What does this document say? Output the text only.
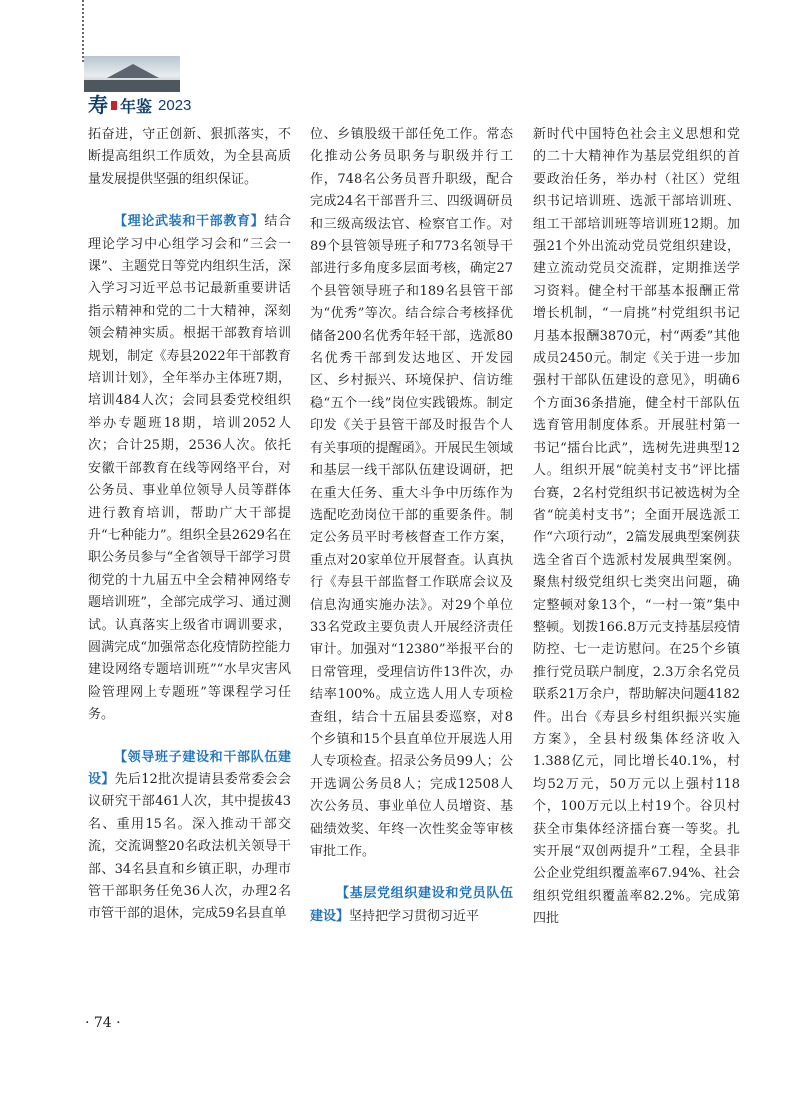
寿 年鉴 2023

拓奋进，守正创新、狠抓落实，不断提高组织工作质效，为全县高质量发展提供坚强的组织保证。

【理论武装和干部教育】结合理论学习中心组学习会和“三会一课”、主题党日等党内组织生活，深入学习习近平总书记最新重要讲话指示精神和党的二十大精神，深刻领会精神实质。根据干部教育培训规划，制定《寿县2022年干部教育培训计划》，全年举办主体班7期，培训484人次；会同县委党校组织举办专题班18期，培训2052人次；合计25期，2536人次。依托安徽干部教育在线等网络平台，对公务员、事业单位领导人员等群体进行教育培训，帮助广大干部提升“七种能力”。组织全县2629名在职公务员参与“全省领导干部学习贯彻党的十九届五中全会精神网络专题培训班”，全部完成学习、通过测试。认真落实上级省市调训要求，圆满完成“加强常态化疫情防控能力建设网络专题培训班”“水旱灾害风险管理网上专题班”等课程学习任务。

【领导班子建设和干部队伍建设】先后12批次提请县委常委会会议研究干部461人次，其中提拔43名、重用15名。深入推动干部交流，交流调整20名政法机关领导干部、34名县直和乡镇正职，办理市管干部职务任免36人次，办理2名市管干部的退休，完成59名县直单

位、乡镇股级干部任免工作。常态化推动公务员职务与职级并行工作，748名公务员晋升职级，配合完成24名干部晋升三、四级调研员和三级高级法官、检察官工作。对89个县管领导班子和773名领导干部进行多角度多层面考核，确定27个县管领导班子和189名县管干部为“优秀”等次。结合综合考核择优储备200名优秀年轻干部，选派80名优秀干部到发达地区、开发园区、乡村振兴、环境保护、信访维稳“五个一线”岗位实践锻炼。制定印发《关于县管干部及时报告个人有关事项的提醒函》。开展民生领域和基层一线干部队伍建设调研，把在重大任务、重大斗争中历练作为选配吃劲岗位干部的重要条件。制定公务员平时考核督查工作方案，重点对20家单位开展督查。认真执行《寿县干部监督工作联席会议及信息沟通实施办法》。对29个单位33名党政主要负责人开展经济责任审计。加强对“12380”举报平台的日常管理，受理信访件13件次，办结率100%。成立选人用人专项检查组，结合十五届县委巡察，对8个乡镇和15个县直单位开展选人用人专项检查。招录公务员99人；公开选调公务员8人；完成12508人次公务员、事业单位人员增资、基础绩效奖、年终一次性奖金等审核审批工作。

【基层党组织建设和党员队伍建设】坚持把学习贯彻习近平

新时代中国特色社会主义思想和党的二十大精神作为基层党组织的首要政治任务，举办村（社区）党组织书记培训班、选派干部培训班、组工干部培训班等培训班12期。加强21个外出流动党员党组织建设，建立流动党员交流群，定期推送学习资料。健全村干部基本报酬正常增长机制，“一肩挑”村党组织书记月基本报酬3870元，村“两委”其他成员2450元。制定《关于进一步加强村干部队伍建设的意见》，明确6个方面36条措施，健全村干部队伍选育管用制度体系。开展驻村第一书记“擂台比武”，选树先进典型12人。组织开展“皖美村支书”评比擂台赛，2名村党组织书记被选树为全省“皖美村支书”；全面开展选派工作“六项行动”，2篇发展典型案例获选全省百个选派村发展典型案例。聚焦村级党组织七类突出问题，确定整顿对象13个，“一村一策”集中整顿。划拨166.8万元支持基层疫情防控、七一走访慰问。在25个乡镇推行党员联户制度，2.3万余名党员联系21万余户，帮助解决问题4182件。出台《寿县乡村组织振兴实施方案》，全县村级集体经济收入1.388亿元，同比增长40.1%，村均52万元，50万元以上强村118个，100万元以上村19个。谷贝村获全市集体经济擂台赛一等奖。扎实开展“双创两提升”工程，全县非公企业党组织覆盖率67.94%、社会组织党组织覆盖率82.2%。完成第四批

· 74 ·
